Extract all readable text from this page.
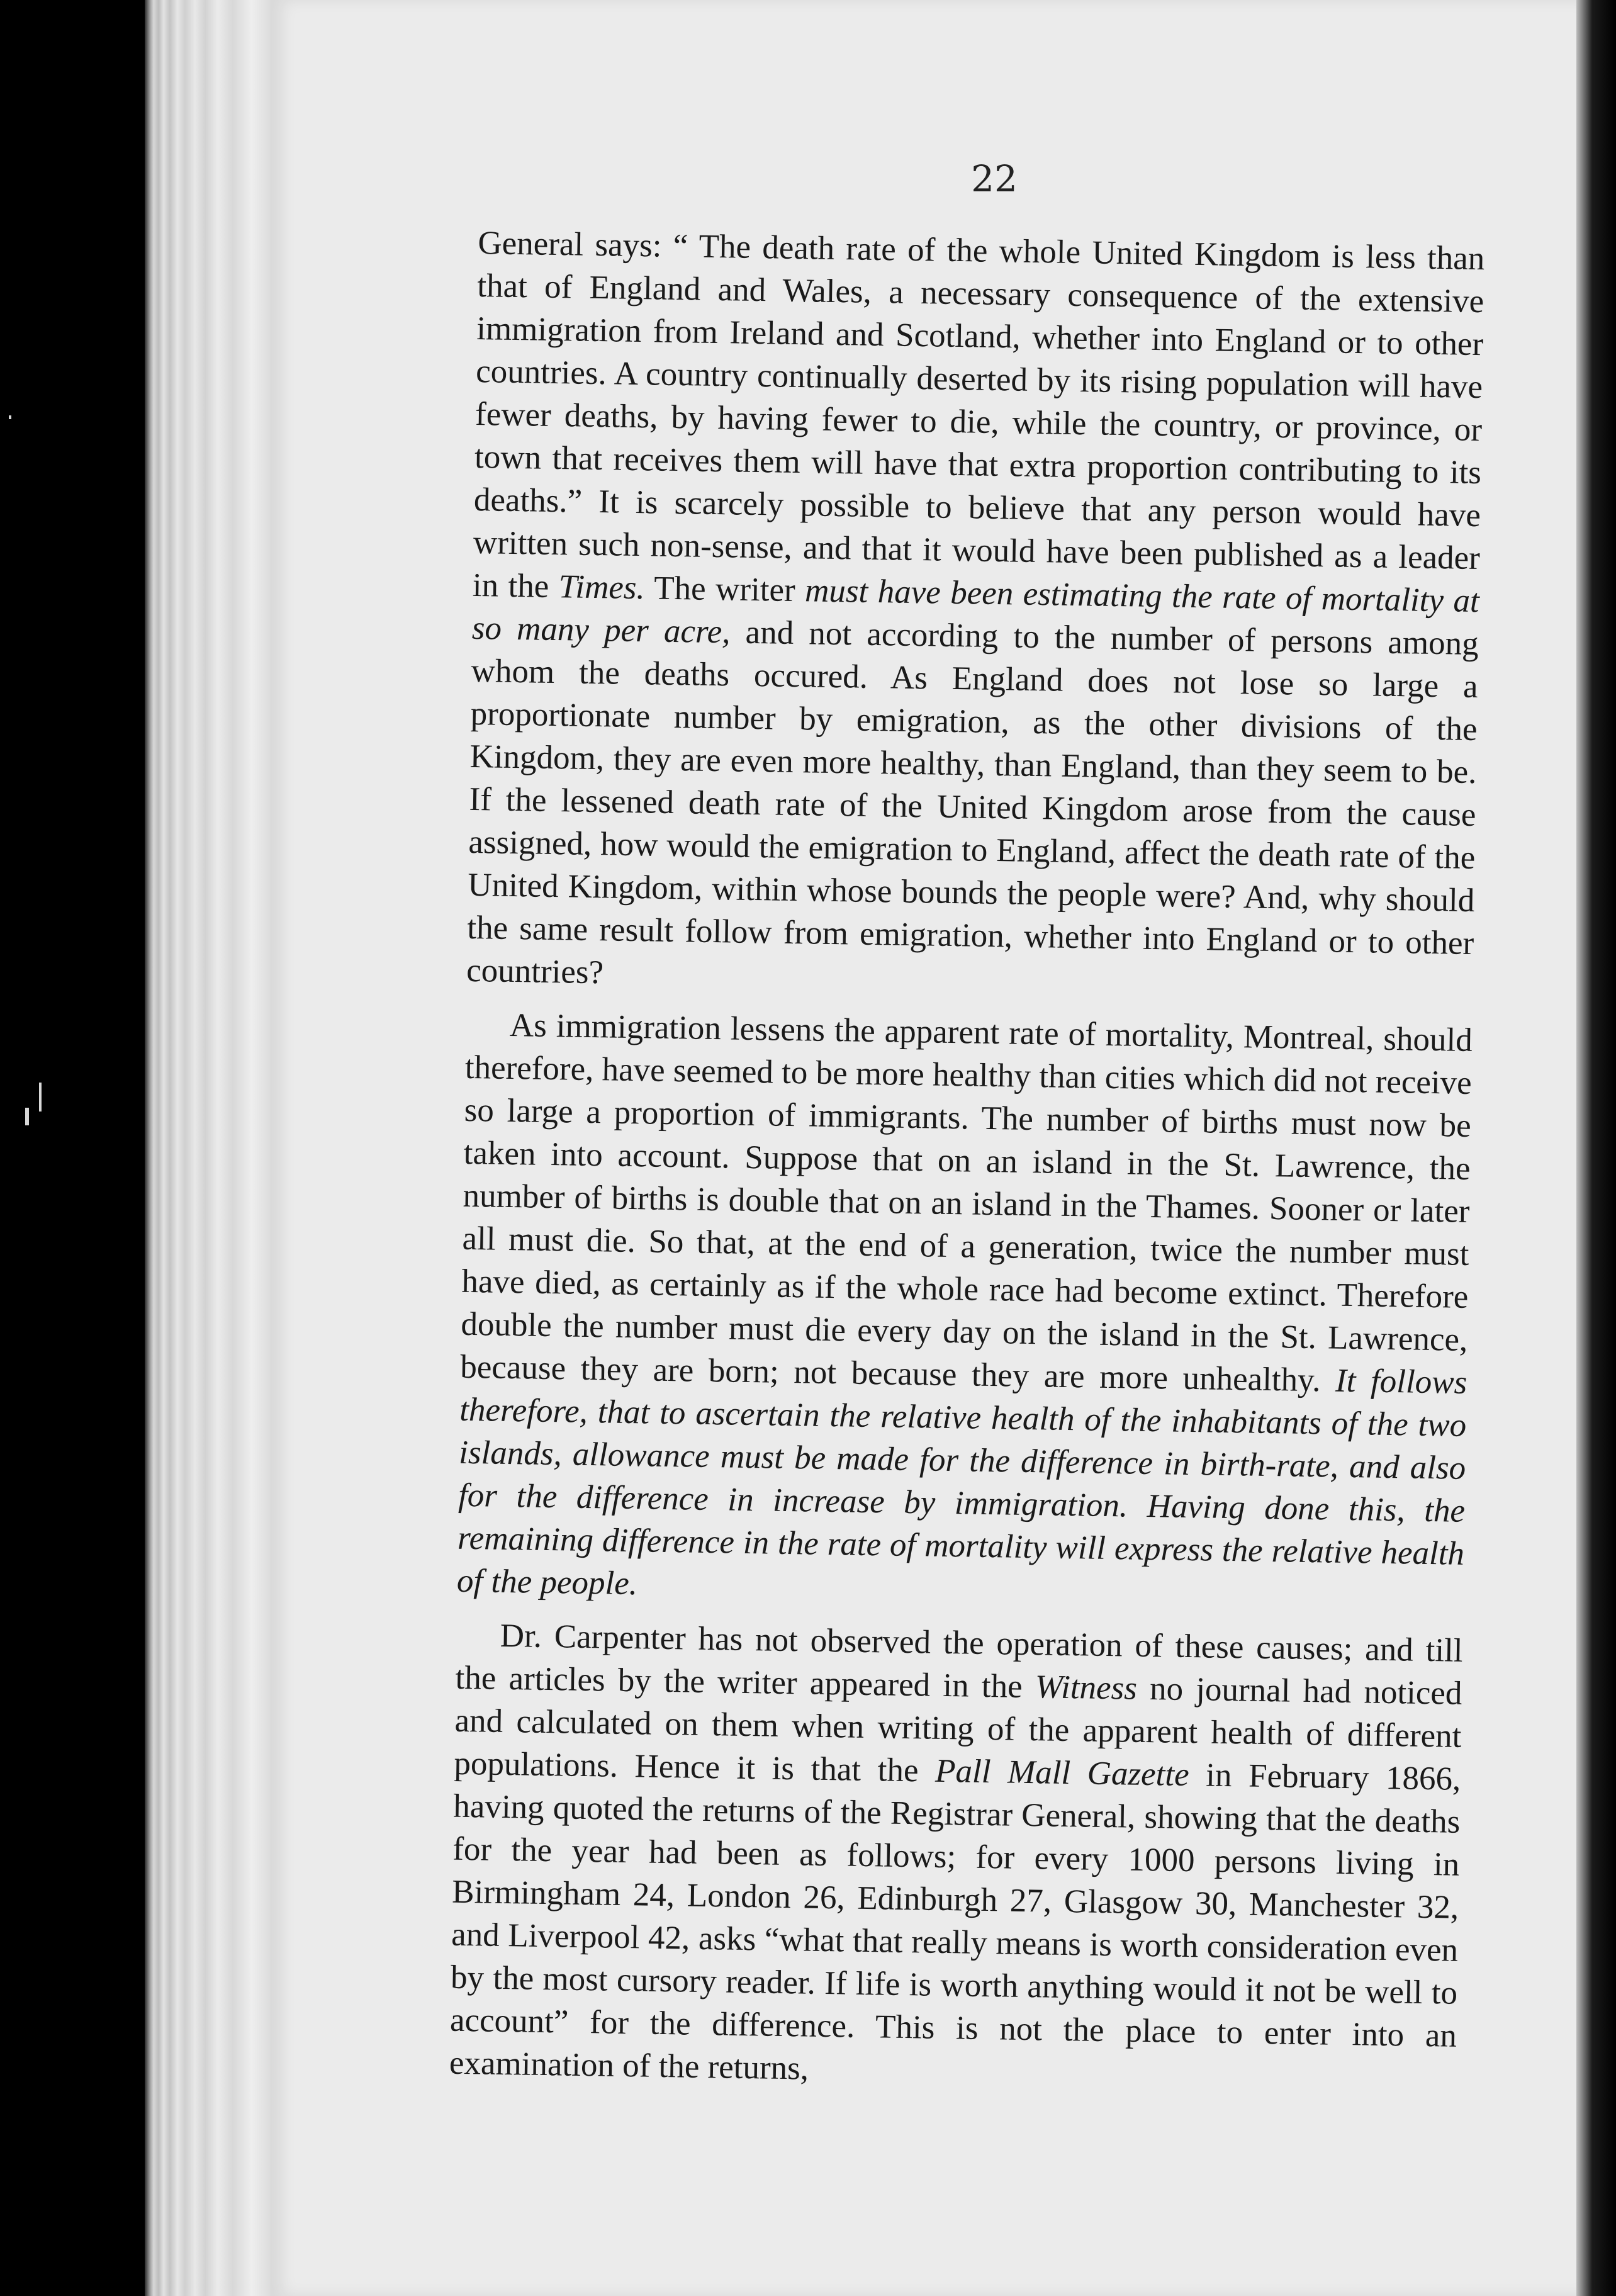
22

General says: “ The death rate of the whole United Kingdom is less than that of England and Wales, a necessary consequence of the extensive immigration from Ireland and Scotland, whether into England or to other countries. A country continually deserted by its rising population will have fewer deaths, by having fewer to die, while the country, or province, or town that receives them will have that extra proportion contributing to its deaths.” It is scarcely possible to believe that any person would have written such non-sense, and that it would have been published as a leader in the Times. The writer must have been estimating the rate of mortality at so many per acre, and not according to the number of persons among whom the deaths occured. As England does not lose so large a proportionate number by emigration, as the other divisions of the Kingdom, they are even more healthy, than England, than they seem to be. If the lessened death rate of the United Kingdom arose from the cause assigned, how would the emigration to England, affect the death rate of the United Kingdom, within whose bounds the people were? And, why should the same result follow from emigration, whether into England or to other countries?

As immigration lessens the apparent rate of mortality, Montreal, should therefore, have seemed to be more healthy than cities which did not receive so large a proportion of immigrants. The number of births must now be taken into account. Suppose that on an island in the St. Lawrence, the number of births is double that on an island in the Thames. Sooner or later all must die. So that, at the end of a generation, twice the number must have died, as certainly as if the whole race had become extinct. Therefore double the number must die every day on the island in the St. Lawrence, because they are born; not because they are more unhealthy. It follows therefore, that to ascertain the relative health of the inhabitants of the two islands, allowance must be made for the difference in birth-rate, and also for the difference in increase by immigration. Having done this, the remaining difference in the rate of mortality will express the relative health of the people.

Dr. Carpenter has not observed the operation of these causes; and till the articles by the writer appeared in the Witness no journal had noticed and calculated on them when writing of the apparent health of different populations. Hence it is that the Pall Mall Gazette in February 1866, having quoted the returns of the Registrar General, showing that the deaths for the year had been as follows; for every 1000 persons living in Birmingham 24, London 26, Edinburgh 27, Glasgow 30, Manchester 32, and Liverpool 42, asks “what that really means is worth consideration even by the most cursory reader. If life is worth anything would it not be well to account” for the difference. This is not the place to enter into an examination of the returns,
